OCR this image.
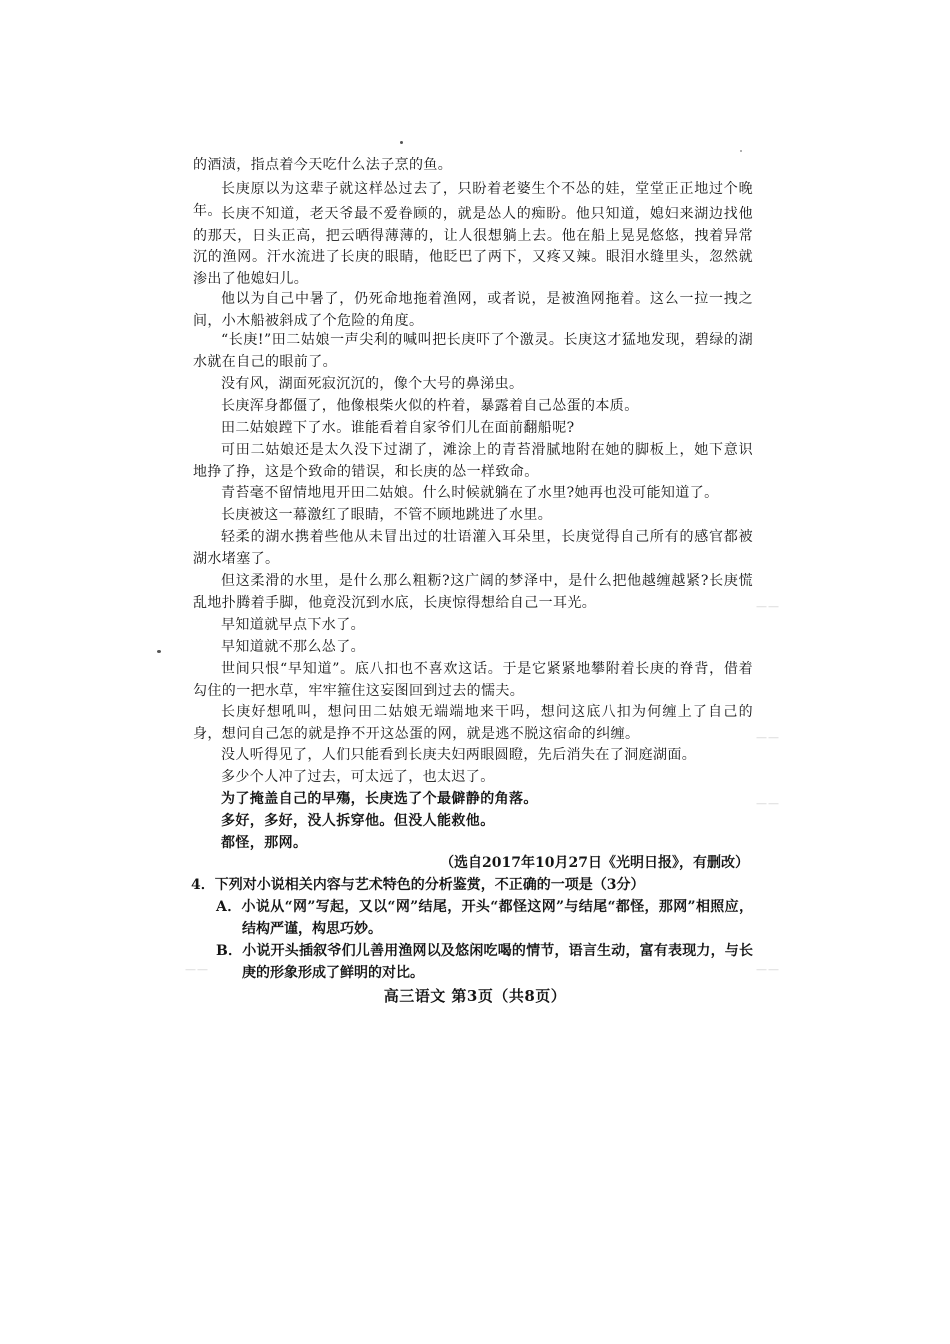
的酒渍，指点着今天吃什么法子烹的鱼。
长庚原以为这辈子就这样怂过去了，只盼着老婆生个不怂的娃，堂堂正正地过个晚年。 长庚不知道，老天爷最不爱眷顾的，就是怂人的痴盼。他只知道，媳妇来湖边找他的那天，日头正高，把云晒得薄薄的，让人很想躺上去。他在船上晃晃悠悠，拽着异常沉的渔网。汗水流进了长庚的眼睛，他眨巴了两下，又疼又辣。眼泪水缝里头，忽然就渗出了他媳妇儿。
他以为自己中暑了，仍死命地拖着渔网，或者说，是被渔网拖着。这么一拉一拽之间，小木船被斜成了个危险的角度。
“长庚!”田二姑娘一声尖利的喊叫把长庚吓了个激灵。长庚这才猛地发现，碧绿的湖水就在自己的眼前了。
没有风，湖面死寂沉沉的，像个大号的鼻涕虫。
长庚浑身都僵了，他像根柴火似的杵着，暴露着自己怂蛋的本质。
田二姑娘蹚下了水。谁能看着自家爷们儿在面前翻船呢?
可田二姑娘还是太久没下过湖了，滩涂上的青苔滑腻地附在她的脚板上，她下意识地挣了挣，这是个致命的错误，和长庚的怂一样致命。
青苔毫不留情地甩开田二姑娘。什么时候就躺在了水里?她再也没可能知道了。
长庚被这一幕激红了眼睛，不管不顾地跳进了水里。
轻柔的湖水携着些他从未冒出过的壮语灌入耳朵里，长庚觉得自己所有的感官都被湖水堵塞了。
但这柔滑的水里，是什么那么粗粝?这广阔的梦泽中，是什么把他越缠越紧?长庚慌乱地扑腾着手脚，他竟没沉到水底，长庚惊得想给自己一耳光。
早知道就早点下水了。
早知道就不那么怂了。
世间只恨“早知道”。底八扣也不喜欢这话。于是它紧紧地攀附着长庚的脊背，借着勾住的一把水草，牢牢箍住这妄图回到过去的懦夫。
长庚好想吼叫，想问田二姑娘无端端地来干吗，想问这底八扣为何缠上了自己的身，想问自己怎的就是挣不开这怂蛋的网，就是逃不脱这宿命的纠缠。
没人听得见了，人们只能看到长庚夫妇两眼圆瞪，先后消失在了洞庭湖面。
多少个人冲了过去，可太远了，也太迟了。
为了掩盖自己的早殤，长庚选了个最僻静的角落。
多好，多好，没人拆穿他。但没人能救他。
都怪，那网。
（选自2017年10月27日《光明日报》，有删改）
4．下列对小说相关内容与艺术特色的分析鉴赏，不正确的一项是（3分）
A．小说从“网”写起，又以“网”结尾，开头“都怪这网”与结尾“都怪，那网”相照应，结构严谨，构思巧妙。
B．小说开头插叙爷们儿善用渔网以及悠闲吃喝的情节，语言生动，富有表现力，与长庚的形象形成了鲜明的对比。
高三语文 第3页（共8页）
——
——
——
——
——
